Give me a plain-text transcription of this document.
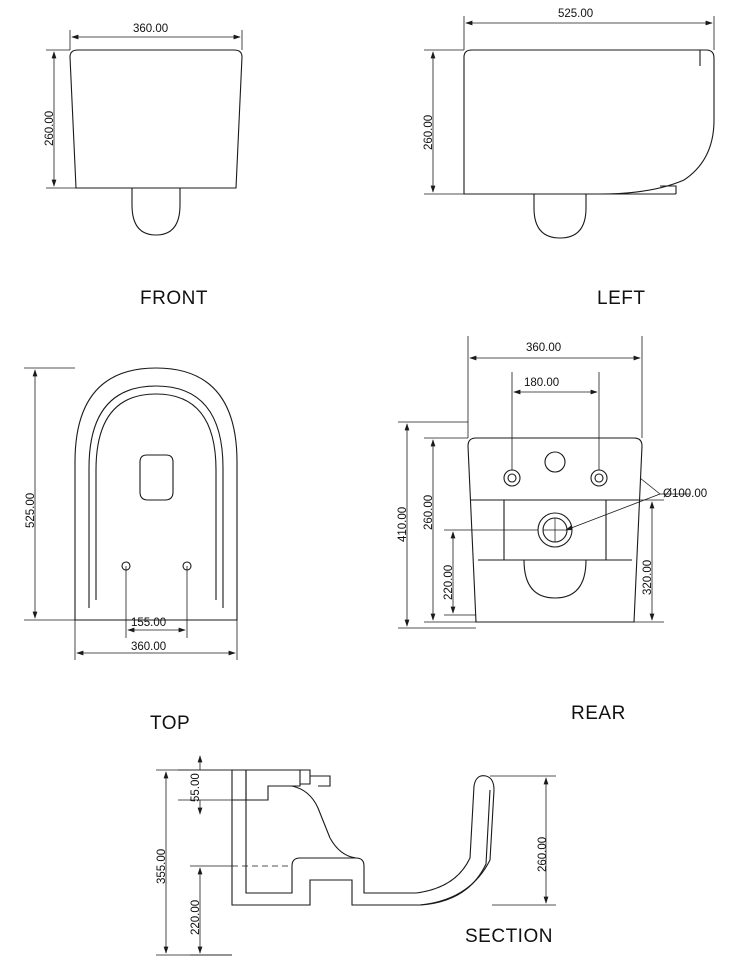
FRONT	LEFT
TOP	REAR
SECTION
360.00
260.00
525.00
260.00
525.00
155.00
360.00
360.00
180.00
260.00
410.00
220.00	320.00
Ø100.00
55.00
355.00
220.00
260.00
